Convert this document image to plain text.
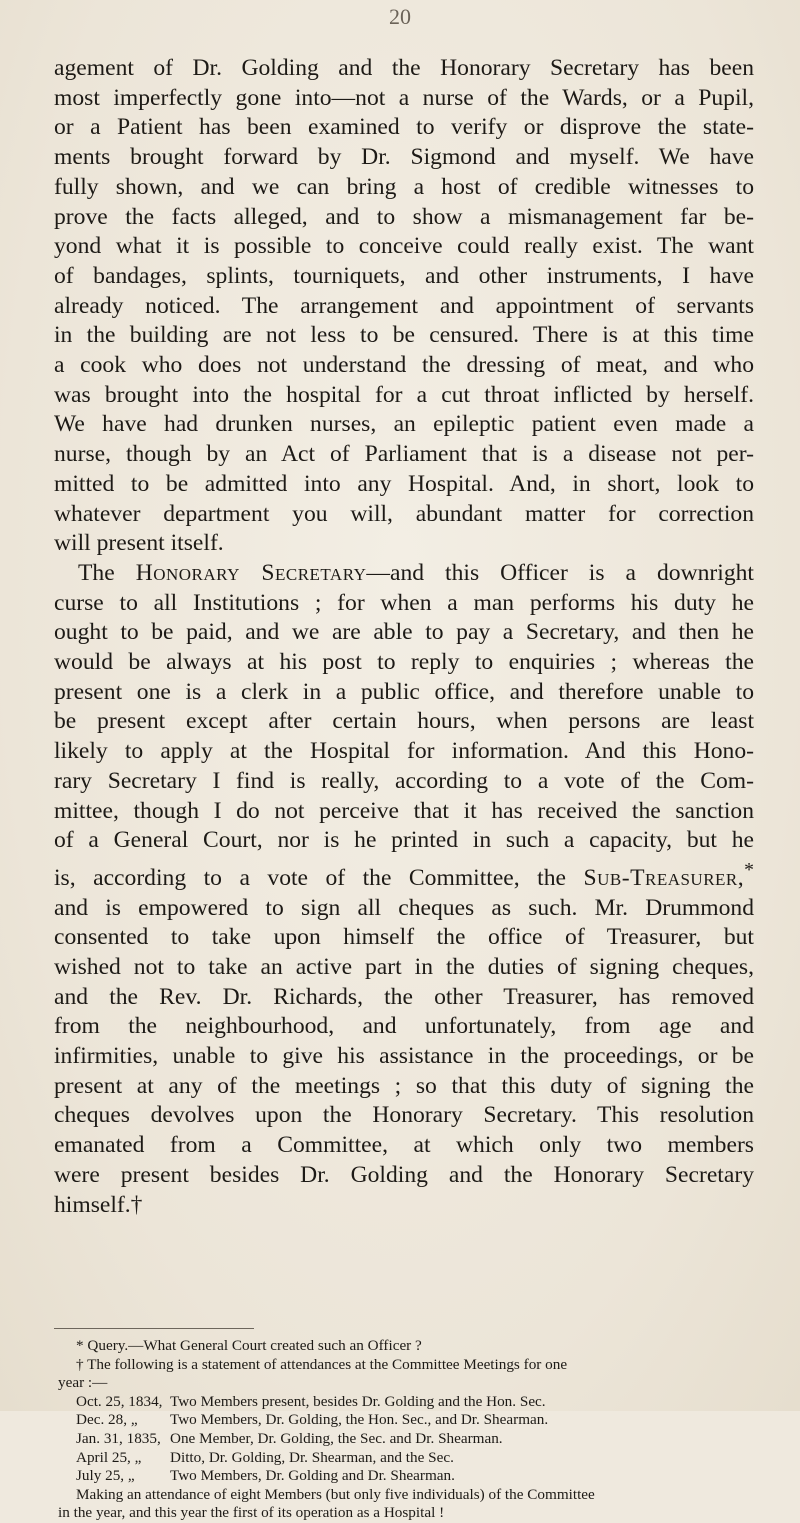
20
agement of Dr. Golding and the Honorary Secretary has been
most imperfectly gone into—not a nurse of the Wards, or a Pupil,
or a Patient has been examined to verify or disprove the state-
ments brought forward by Dr. Sigmond and myself. We have
fully shown, and we can bring a host of credible witnesses to
prove the facts alleged, and to show a mismanagement far be-
yond what it is possible to conceive could really exist. The want
of bandages, splints, tourniquets, and other instruments, I have
already noticed. The arrangement and appointment of servants
in the building are not less to be censured. There is at this time
a cook who does not understand the dressing of meat, and who
was brought into the hospital for a cut throat inflicted by herself.
We have had drunken nurses, an epileptic patient even made a
nurse, though by an Act of Parliament that is a disease not per-
mitted to be admitted into any Hospital. And, in short, look to
whatever department you will, abundant matter for correction
will present itself.
The Honorary Secretary—and this Officer is a downright
curse to all Institutions ; for when a man performs his duty he
ought to be paid, and we are able to pay a Secretary, and then he
would be always at his post to reply to enquiries ; whereas the
present one is a clerk in a public office, and therefore unable to
be present except after certain hours, when persons are least
likely to apply at the Hospital for information. And this Hono-
rary Secretary I find is really, according to a vote of the Com-
mittee, though I do not perceive that it has received the sanction
of a General Court, nor is he printed in such a capacity, but he
is, according to a vote of the Committee, the Sub-Treasurer,*
and is empowered to sign all cheques as such. Mr. Drummond
consented to take upon himself the office of Treasurer, but
wished not to take an active part in the duties of signing cheques,
and the Rev. Dr. Richards, the other Treasurer, has removed
from the neighbourhood, and unfortunately, from age and
infirmities, unable to give his assistance in the proceedings, or be
present at any of the meetings ; so that this duty of signing the
cheques devolves upon the Honorary Secretary. This resolution
emanated from a Committee, at which only two members
were present besides Dr. Golding and the Honorary Secretary
himself.†
* Query.—What General Court created such an Officer ?
† The following is a statement of attendances at the Committee Meetings for one
year :—
Oct. 25, 1834, Two Members present, besides Dr. Golding and the Hon. Sec.
Dec. 28, „	Two Members, Dr. Golding, the Hon. Sec., and Dr. Shearman.
Jan. 31, 1835, One Member, Dr. Golding, the Sec. and Dr. Shearman.
April 25, „	Ditto, Dr. Golding, Dr. Shearman, and the Sec.
July 25, „	Two Members, Dr. Golding and Dr. Shearman.
Making an attendance of eight Members (but only five individuals) of the Committee
in the year, and this year the first of its operation as a Hospital !
